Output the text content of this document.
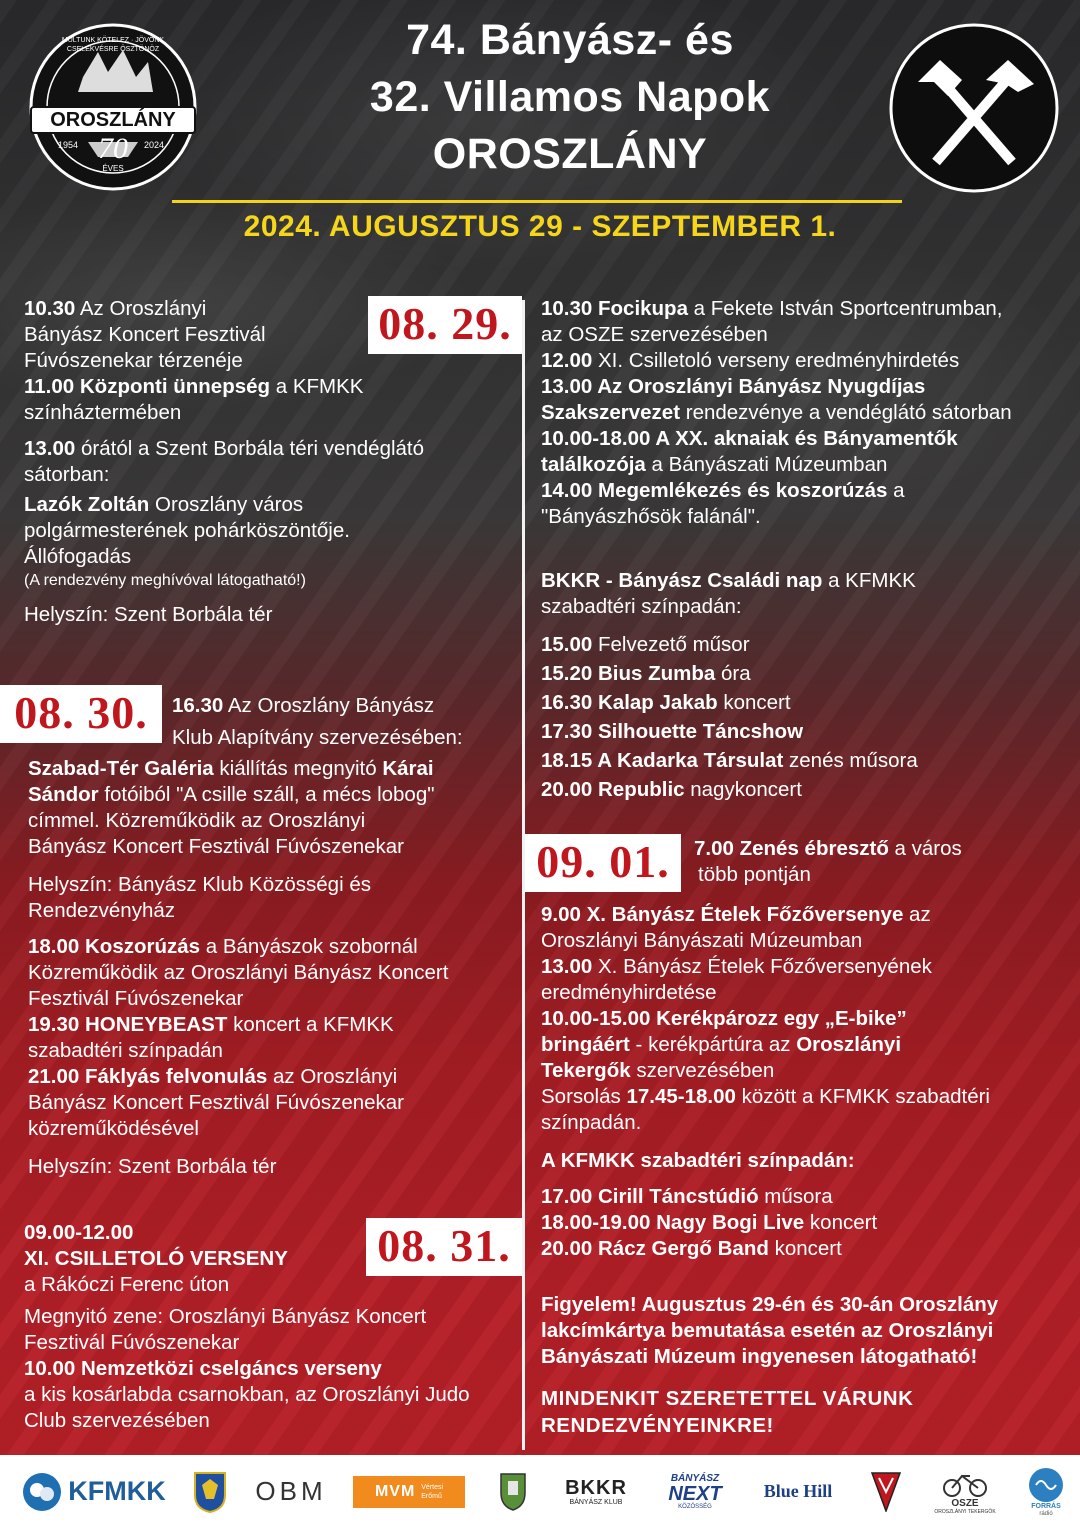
OROSZLÁNY
1954	2024
70
ÉVES
MÚLTUNK KÖTELEZ · JÖVŐNK CSELEKVÉSRE ÖSZTÖNÖZ	74. Bányász- és
32. Villamos Napok
OROSZLÁNY
2024. AUGUSZTUS 29 - SZEPTEMBER 1.
08. 29.
08. 30.
08. 31.
09. 01.

10.30 Az Oroszlányi

Bányász Koncert Fesztivál

Fúvószenekar térzenéje

11.00 Központi ünnepség a KFMKK

színháztermében

13.00 órától a Szent Borbála téri vendéglátó

sátorban:

Lazók Zoltán Oroszlány város

polgármesterének pohárköszöntője.

Állófogadás

(A rendezvény meghívóval látogatható!)

Helyszín: Szent Borbála tér

16.30 Az Oroszlány Bányász

Klub Alapítvány szervezésében:

Szabad-Tér Galéria kiállítás megnyitó Kárai

Sándor fotóiból "A csille száll, a mécs lobog"

címmel. Közreműködik az Oroszlányi

Bányász Koncert Fesztivál Fúvószenekar

Helyszín: Bányász Klub Közösségi és

Rendezvényház

18.00 Koszorúzás a Bányászok szobornál

Közreműködik az Oroszlányi Bányász Koncert

Fesztivál Fúvószenekar

19.30 HONEYBEAST koncert a KFMKK

szabadtéri színpadán

21.00 Fáklyás felvonulás az Oroszlányi

Bányász Koncert Fesztivál Fúvószenekar

közreműködésével

Helyszín: Szent Borbála tér

09.00-12.00

XI. CSILLETOLÓ VERSENY

a Rákóczi Ferenc úton

Megnyitó zene: Oroszlányi Bányász Koncert

Fesztivál Fúvószenekar

10.00 Nemzetközi cselgáncs verseny

a kis kosárlabda csarnokban, az Oroszlányi Judo

Club szervezésében

10.30 Focikupa a Fekete István Sportcentrumban,

az OSZE szervezésében

12.00 XI. Csilletoló verseny eredményhirdetés

13.00 Az Oroszlányi Bányász Nyugdíjas

Szakszervezet rendezvénye a vendéglátó sátorban

10.00-18.00 A XX. aknaiak és Bányamentők

találkozója a Bányászati Múzeumban

14.00 Megemlékezés és koszorúzás a

"Bányászhősök falánál".

BKKR - Bányász Családi nap a KFMKK

szabadtéri színpadán:

15.00 Felvezető műsor

15.20 Bius Zumba óra

16.30 Kalap Jakab koncert

17.30 Silhouette Táncshow

18.15 A Kadarka Társulat zenés műsora

20.00 Republic nagykoncert

7.00 Zenés ébresztő a város

több pontján

9.00 X. Bányász Ételek Főzőversenye az

Oroszlányi Bányászati Múzeumban

13.00 X. Bányász Ételek Főzőversenyének

eredményhirdetése

10.00-15.00 Kerékpározz egy „E-bike”

bringáért - kerékpártúra az Oroszlányi

Tekergők szervezésében

Sorsolás 17.45-18.00 között a KFMKK szabadtéri

színpadán.

A KFMKK szabadtéri színpadán:

17.00 Cirill Táncstúdió műsora

18.00-19.00 Nagy Bogi Live koncert

20.00 Rácz Gergő Band koncert

Figyelem! Augusztus 29-én és 30-án Oroszlány

lakcímkártya bemutatása esetén az Oroszlányi

Bányászati Múzeum ingyenesen látogatható!

MINDENKIT SZERETETTEL VÁRUNK

RENDEZVÉNYEINKRE!

KFMKK	OBM	MVM Vértesi
Erőmű	BKKR
BÁNYÁSZ KLUB
BÁNYÁSZ
NEXT
KÖZÖSSÉG
Blue Hill
OSZE
OROSZLÁNYI TEKERGŐK
FORRÁS
rádió
